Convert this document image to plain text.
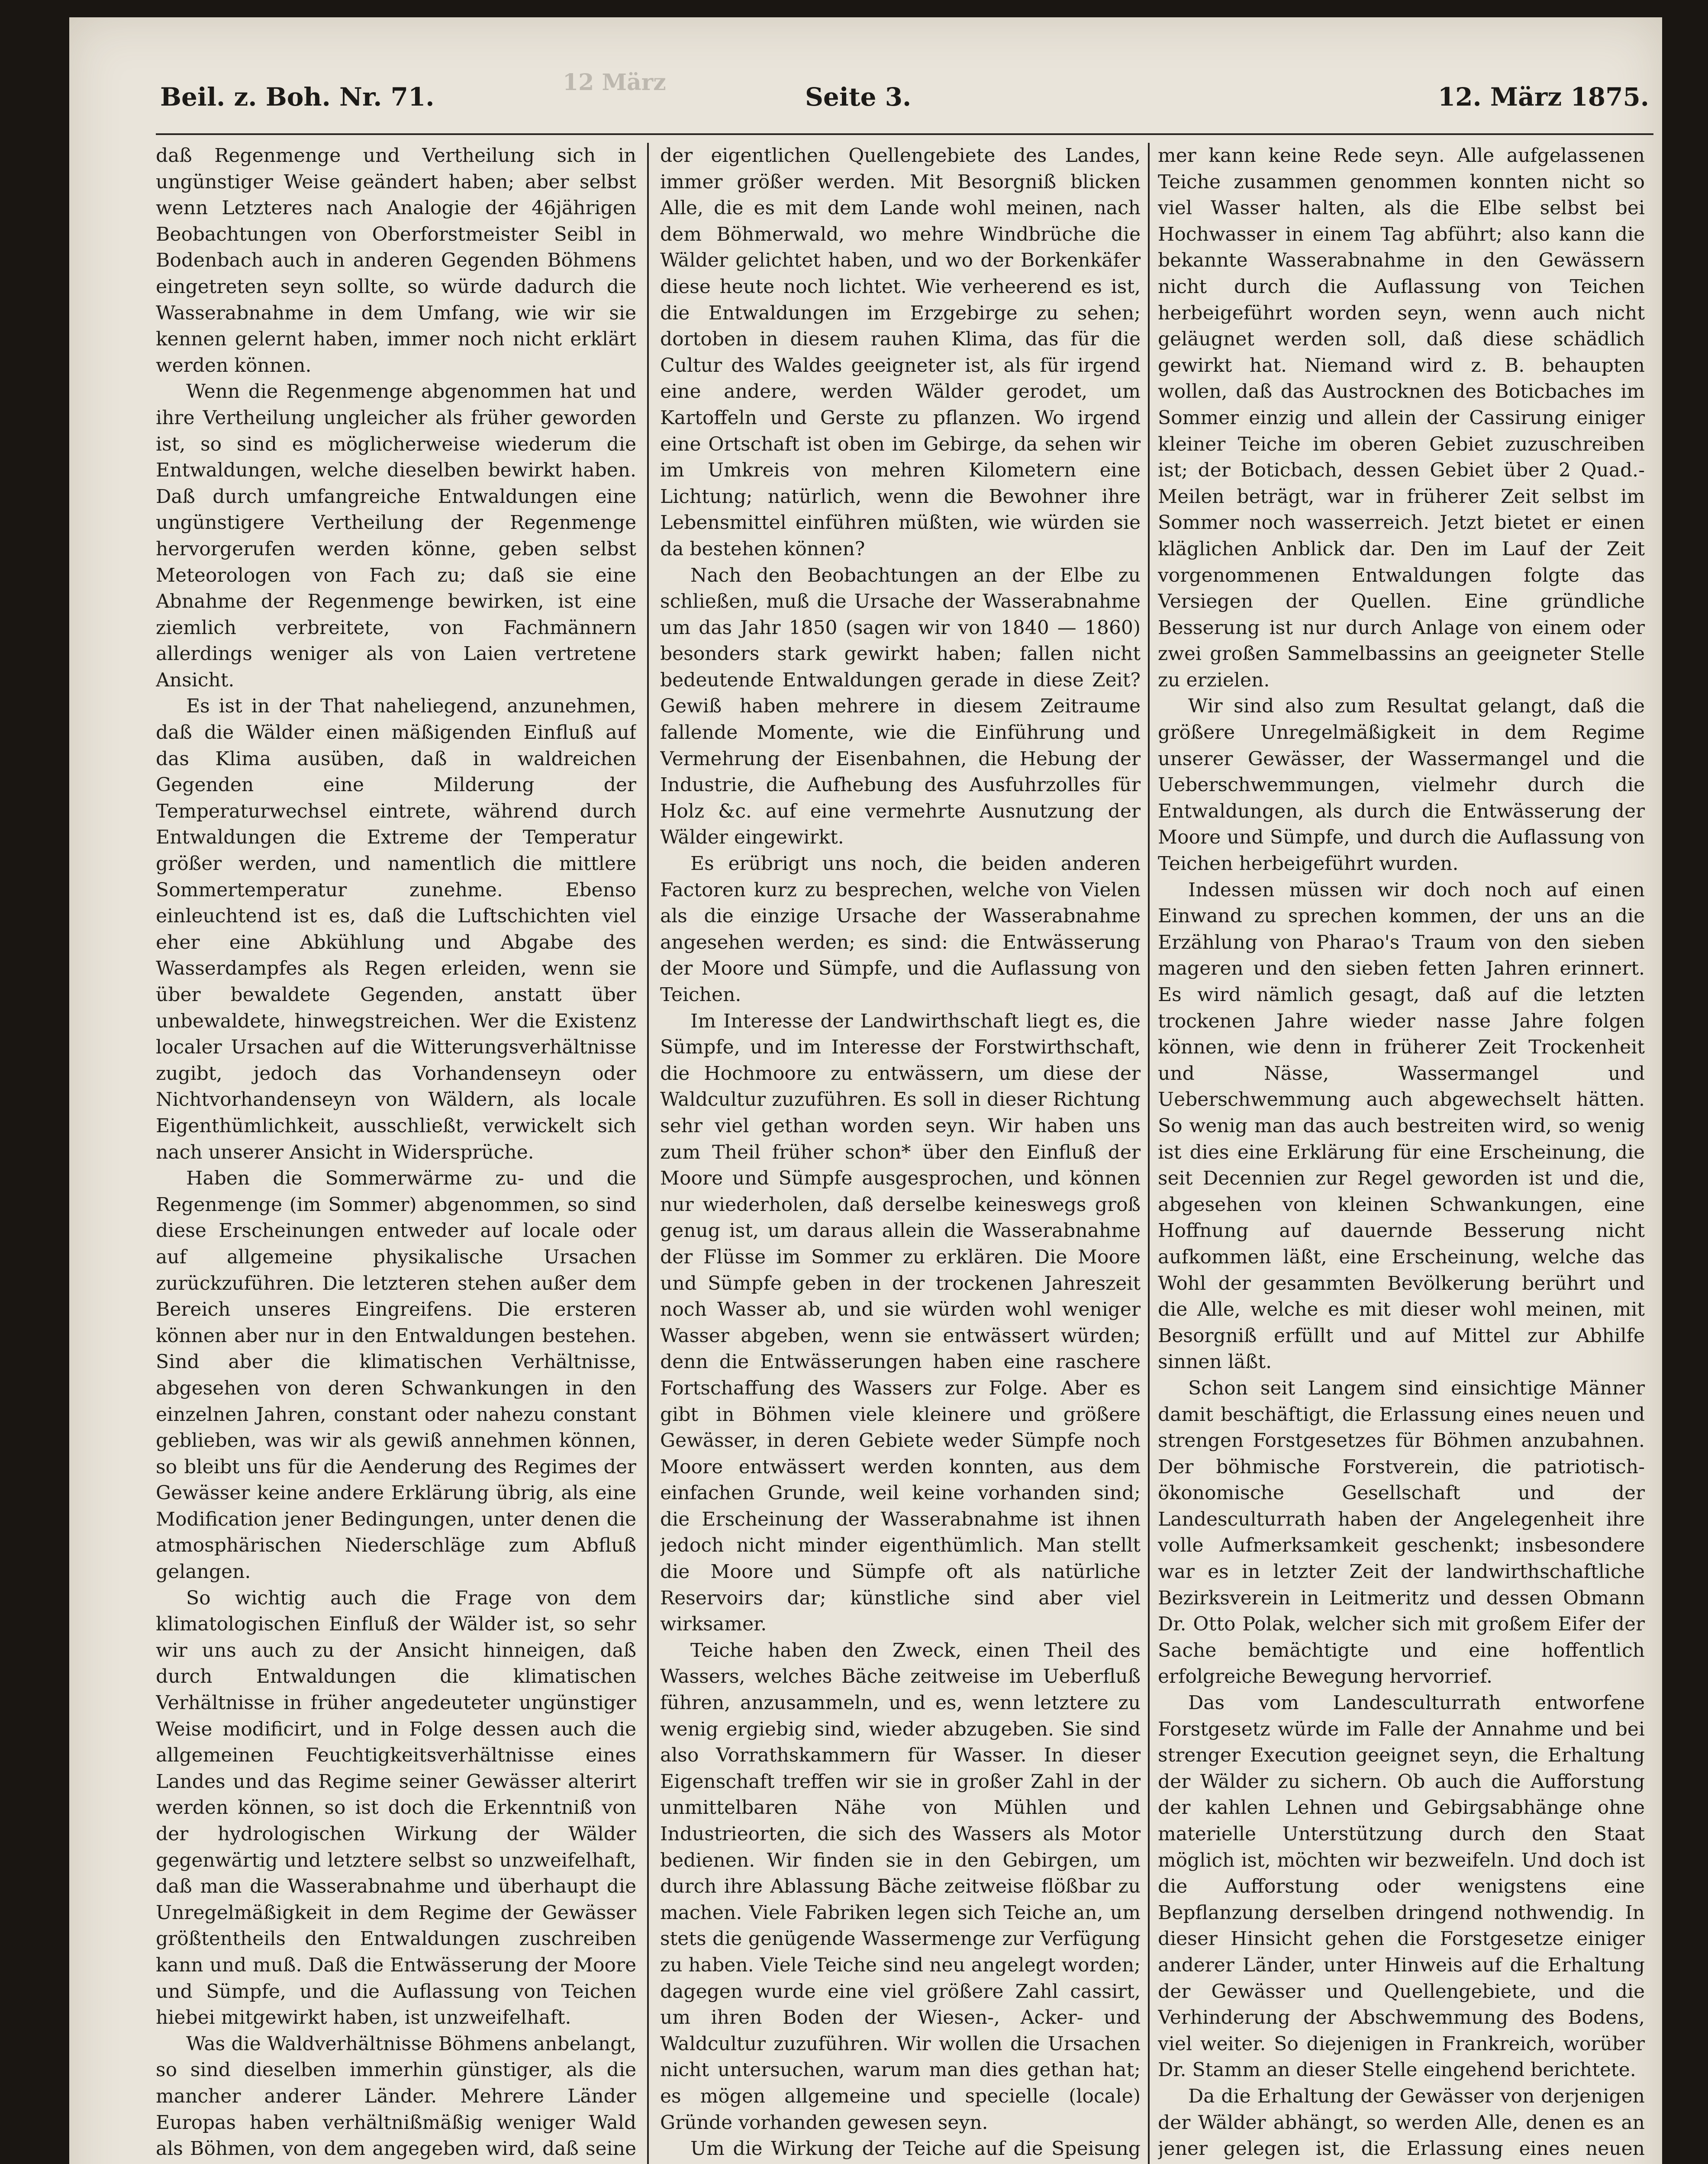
12 März
Beil. z. Boh. Nr. 71.	Seite 3.	12. März 1875.

daß Regenmenge und Vertheilung sich in ungünstiger Weise geändert haben; aber selbst wenn Letzteres nach Analogie der 46jährigen Beobachtungen von Oberforstmeister Seibl in Bodenbach auch in anderen Gegenden Böhmens eingetreten seyn sollte, so würde dadurch die Wasserabnahme in dem Umfang, wie wir sie kennen gelernt haben, immer noch nicht erklärt werden können.

Wenn die Regenmenge abgenommen hat und ihre Vertheilung ungleicher als früher geworden ist, so sind es möglicherweise wiederum die Entwaldungen, welche dieselben bewirkt haben. Daß durch umfangreiche Entwaldungen eine ungünstigere Vertheilung der Regenmenge hervorgerufen werden könne, geben selbst Meteorologen von Fach zu; daß sie eine Abnahme der Regenmenge bewirken, ist eine ziemlich verbreitete, von Fachmännern allerdings weniger als von Laien vertretene Ansicht.

Es ist in der That naheliegend, anzunehmen, daß die Wälder einen mäßigenden Einfluß auf das Klima ausüben, daß in waldreichen Gegenden eine Milderung der Temperaturwechsel eintrete, während durch Entwaldungen die Extreme der Temperatur größer werden, und namentlich die mittlere Sommertemperatur zunehme. Ebenso einleuchtend ist es, daß die Luftschichten viel eher eine Abkühlung und Abgabe des Wasserdampfes als Regen erleiden, wenn sie über bewaldete Gegenden, anstatt über unbewaldete, hinwegstreichen. Wer die Existenz localer Ursachen auf die Witterungsverhältnisse zugibt, jedoch das Vorhandenseyn oder Nichtvorhandenseyn von Wäldern, als locale Eigenthümlichkeit, ausschließt, verwickelt sich nach unserer Ansicht in Widersprüche.

Haben die Sommerwärme zu- und die Regenmenge (im Sommer) abgenommen, so sind diese Erscheinungen entweder auf locale oder auf allgemeine physikalische Ursachen zurückzuführen. Die letzteren stehen außer dem Bereich unseres Eingreifens. Die ersteren können aber nur in den Entwaldungen bestehen. Sind aber die klimatischen Verhältnisse, abgesehen von deren Schwankungen in den einzelnen Jahren, constant oder nahezu constant geblieben, was wir als gewiß annehmen können, so bleibt uns für die Aenderung des Regimes der Gewässer keine andere Erklärung übrig, als eine Modification jener Bedingungen, unter denen die atmosphärischen Niederschläge zum Abfluß gelangen.

So wichtig auch die Frage von dem klimatologischen Einfluß der Wälder ist, so sehr wir uns auch zu der Ansicht hinneigen, daß durch Entwaldungen die klimatischen Verhältnisse in früher angedeuteter ungünstiger Weise modificirt, und in Folge dessen auch die allgemeinen Feuchtigkeitsverhältnisse eines Landes und das Regime seiner Gewässer alterirt werden können, so ist doch die Erkenntniß von der hydrologischen Wirkung der Wälder gegenwärtig und letztere selbst so unzweifelhaft, daß man die Wasserabnahme und überhaupt die Unregelmäßigkeit in dem Regime der Gewässer größtentheils den Entwaldungen zuschreiben kann und muß. Daß die Entwässerung der Moore und Sümpfe, und die Auflassung von Teichen hiebei mitgewirkt haben, ist unzweifelhaft.

Was die Waldverhältnisse Böhmens anbelangt, so sind dieselben immerhin günstiger, als die mancher anderer Länder. Mehrere Länder Europas haben verhältnißmäßig weniger Wald als Böhmen, von dem angegeben wird, daß seine

der eigentlichen Quellengebiete des Landes, immer größer werden. Mit Besorgniß blicken Alle, die es mit dem Lande wohl meinen, nach dem Böhmerwald, wo mehre Windbrüche die Wälder gelichtet haben, und wo der Borkenkäfer diese heute noch lichtet. Wie verheerend es ist, die Entwaldungen im Erzgebirge zu sehen; dortoben in diesem rauhen Klima, das für die Cultur des Waldes geeigneter ist, als für irgend eine andere, werden Wälder gerodet, um Kartoffeln und Gerste zu pflanzen. Wo irgend eine Ortschaft ist oben im Gebirge, da sehen wir im Umkreis von mehren Kilometern eine Lichtung; natürlich, wenn die Bewohner ihre Lebensmittel einführen müßten, wie würden sie da bestehen können?

Nach den Beobachtungen an der Elbe zu schließen, muß die Ursache der Wasserabnahme um das Jahr 1850 (sagen wir von 1840 — 1860) besonders stark gewirkt haben; fallen nicht bedeutende Entwaldungen gerade in diese Zeit? Gewiß haben mehrere in diesem Zeitraume fallende Momente, wie die Einführung und Vermehrung der Eisenbahnen, die Hebung der Industrie, die Aufhebung des Ausfuhrzolles für Holz &c. auf eine vermehrte Ausnutzung der Wälder eingewirkt.

Es erübrigt uns noch, die beiden anderen Factoren kurz zu besprechen, welche von Vielen als die einzige Ursache der Wasserabnahme angesehen werden; es sind: die Entwässerung der Moore und Sümpfe, und die Auflassung von Teichen.

Im Interesse der Landwirthschaft liegt es, die Sümpfe, und im Interesse der Forstwirthschaft, die Hochmoore zu entwässern, um diese der Waldcultur zuzuführen. Es soll in dieser Richtung sehr viel gethan worden seyn. Wir haben uns zum Theil früher schon* über den Einfluß der Moore und Sümpfe ausgesprochen, und können nur wiederholen, daß derselbe keineswegs groß genug ist, um daraus allein die Wasserabnahme der Flüsse im Sommer zu erklären. Die Moore und Sümpfe geben in der trockenen Jahreszeit noch Wasser ab, und sie würden wohl weniger Wasser abgeben, wenn sie entwässert würden; denn die Entwässerungen haben eine raschere Fortschaffung des Wassers zur Folge. Aber es gibt in Böhmen viele kleinere und größere Gewässer, in deren Gebiete weder Sümpfe noch Moore entwässert werden konnten, aus dem einfachen Grunde, weil keine vorhanden sind; die Erscheinung der Wasserabnahme ist ihnen jedoch nicht minder eigenthümlich. Man stellt die Moore und Sümpfe oft als natürliche Reservoirs dar; künstliche sind aber viel wirksamer.

Teiche haben den Zweck, einen Theil des Wassers, welches Bäche zeitweise im Ueberfluß führen, anzusammeln, und es, wenn letztere zu wenig ergiebig sind, wieder abzugeben. Sie sind also Vorrathskammern für Wasser. In dieser Eigenschaft treffen wir sie in großer Zahl in der unmittelbaren Nähe von Mühlen und Industrieorten, die sich des Wassers als Motor bedienen. Wir finden sie in den Gebirgen, um durch ihre Ablassung Bäche zeitweise flößbar zu machen. Viele Fabriken legen sich Teiche an, um stets die genügende Wassermenge zur Verfügung zu haben. Viele Teiche sind neu angelegt worden; dagegen wurde eine viel größere Zahl cassirt, um ihren Boden der Wiesen-, Acker- und Waldcultur zuzuführen. Wir wollen die Ursachen nicht untersuchen, warum man dies gethan hat; es mögen allgemeine und specielle (locale) Gründe vorhanden gewesen seyn.

Um die Wirkung der Teiche auf die Speisung

mer kann keine Rede seyn. Alle aufgelassenen Teiche zusammen genommen konnten nicht so viel Wasser halten, als die Elbe selbst bei Hochwasser in einem Tag abführt; also kann die bekannte Wasserabnahme in den Gewässern nicht durch die Auflassung von Teichen herbeigeführt worden seyn, wenn auch nicht geläugnet werden soll, daß diese schädlich gewirkt hat. Niemand wird z. B. behaupten wollen, daß das Austrocknen des Boticbaches im Sommer einzig und allein der Cassirung einiger kleiner Teiche im oberen Gebiet zuzuschreiben ist; der Boticbach, dessen Gebiet über 2 Quad.-Meilen beträgt, war in früherer Zeit selbst im Sommer noch wasserreich. Jetzt bietet er einen kläglichen Anblick dar. Den im Lauf der Zeit vorgenommenen Entwaldungen folgte das Versiegen der Quellen. Eine gründliche Besserung ist nur durch Anlage von einem oder zwei großen Sammelbassins an geeigneter Stelle zu erzielen.

Wir sind also zum Resultat gelangt, daß die größere Unregelmäßigkeit in dem Regime unserer Gewässer, der Wassermangel und die Ueberschwemmungen, vielmehr durch die Entwaldungen, als durch die Entwässerung der Moore und Sümpfe, und durch die Auflassung von Teichen herbeigeführt wurden.

Indessen müssen wir doch noch auf einen Einwand zu sprechen kommen, der uns an die Erzählung von Pharao's Traum von den sieben mageren und den sieben fetten Jahren erinnert. Es wird nämlich gesagt, daß auf die letzten trockenen Jahre wieder nasse Jahre folgen können, wie denn in früherer Zeit Trockenheit und Nässe, Wassermangel und Ueberschwemmung auch abgewechselt hätten. So wenig man das auch bestreiten wird, so wenig ist dies eine Erklärung für eine Erscheinung, die seit Decennien zur Regel geworden ist und die, abgesehen von kleinen Schwankungen, eine Hoffnung auf dauernde Besserung nicht aufkommen läßt, eine Erscheinung, welche das Wohl der gesammten Bevölkerung berührt und die Alle, welche es mit dieser wohl meinen, mit Besorgniß erfüllt und auf Mittel zur Abhilfe sinnen läßt.

Schon seit Langem sind einsichtige Männer damit beschäftigt, die Erlassung eines neuen und strengen Forstgesetzes für Böhmen anzubahnen. Der böhmische Forstverein, die patriotisch-ökonomische Gesellschaft und der Landesculturrath haben der Angelegenheit ihre volle Aufmerksamkeit geschenkt; insbesondere war es in letzter Zeit der landwirthschaftliche Bezirksverein in Leitmeritz und dessen Obmann Dr. Otto Polak, welcher sich mit großem Eifer der Sache bemächtigte und eine hoffentlich erfolgreiche Bewegung hervorrief.

Das vom Landesculturrath entworfene Forstgesetz würde im Falle der Annahme und bei strenger Execution geeignet seyn, die Erhaltung der Wälder zu sichern. Ob auch die Aufforstung der kahlen Lehnen und Gebirgsabhänge ohne materielle Unterstützung durch den Staat möglich ist, möchten wir bezweifeln. Und doch ist die Aufforstung oder wenigstens eine Bepflanzung derselben dringend nothwendig. In dieser Hinsicht gehen die Forstgesetze einiger anderer Länder, unter Hinweis auf die Erhaltung der Gewässer und Quellengebiete, und die Verhinderung der Abschwemmung des Bodens, viel weiter. So diejenigen in Frankreich, worüber Dr. Stamm an dieser Stelle eingehend berichtete.

Da die Erhaltung der Gewässer von derjenigen der Wälder abhängt, so werden Alle, denen es an jener gelegen ist, die Erlassung eines neuen
